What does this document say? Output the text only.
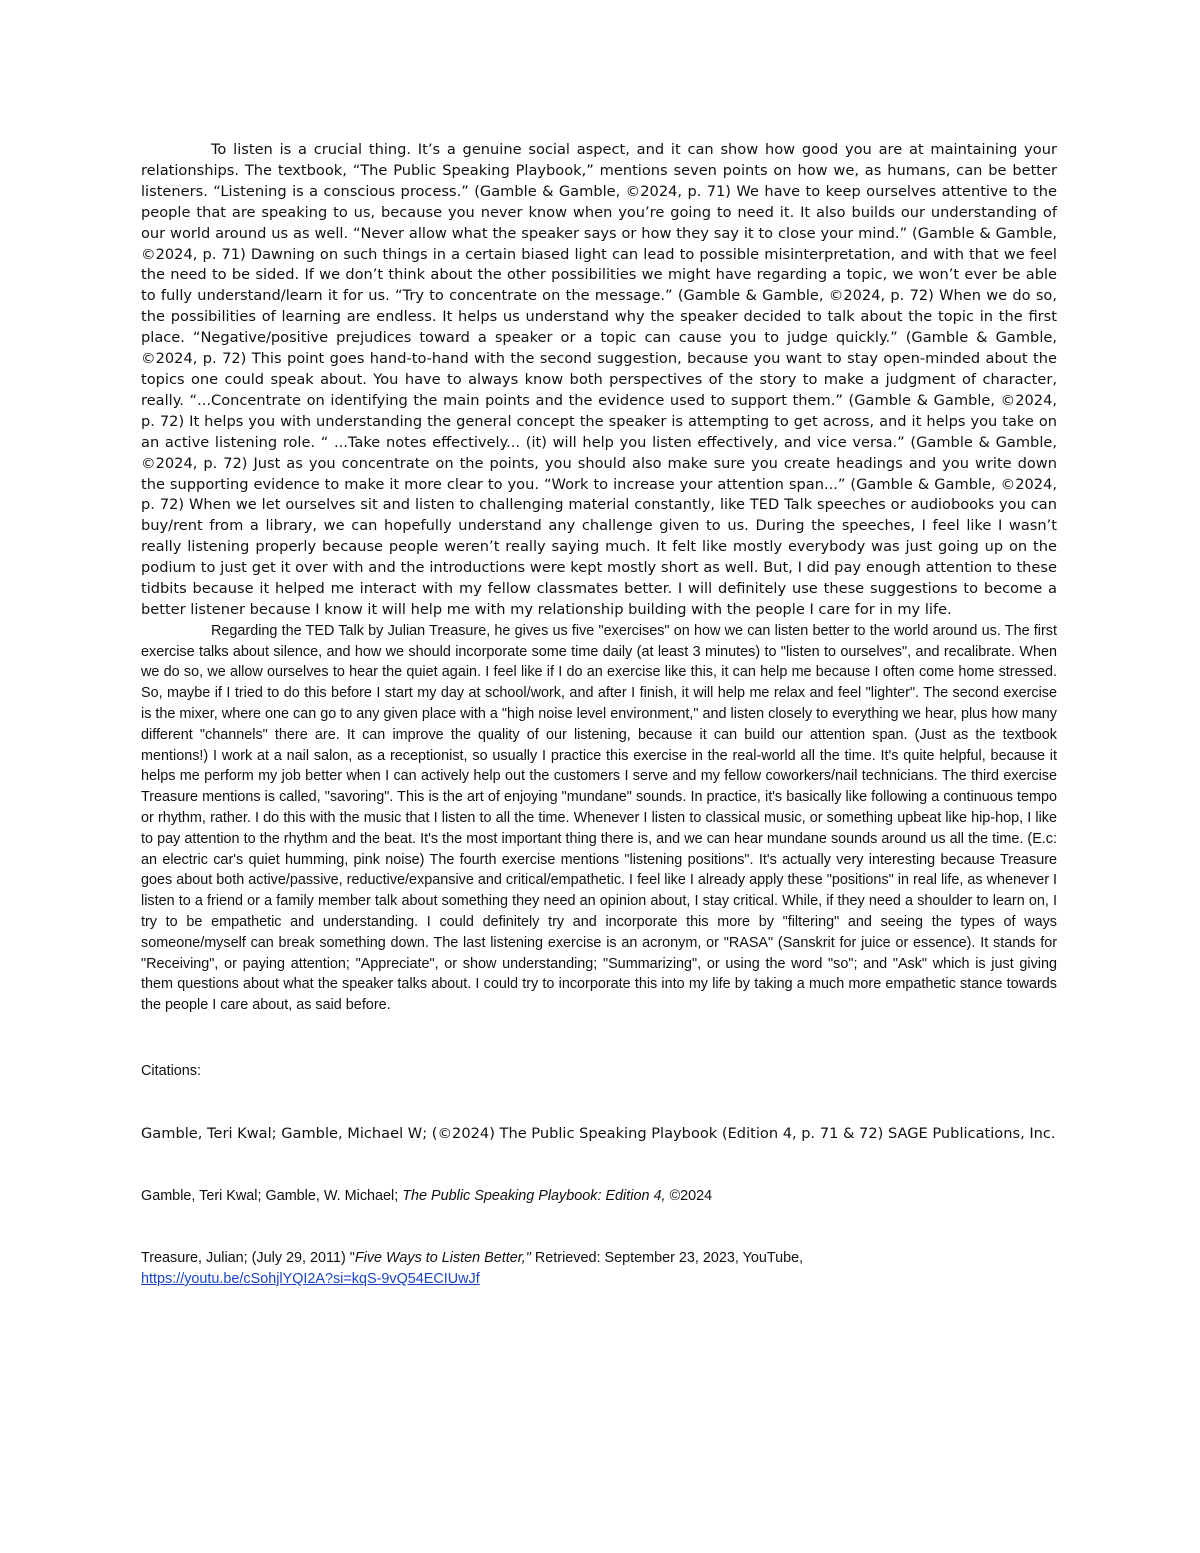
To listen is a crucial thing. It’s a genuine social aspect, and it can show how good you are at maintaining your relationships. The textbook, “The Public Speaking Playbook,” mentions seven points on how we, as humans, can be better listeners. “Listening is a conscious process.” (Gamble & Gamble, ©2024, p. 71) We have to keep ourselves attentive to the people that are speaking to us, because you never know when you’re going to need it. It also builds our understanding of our world around us as well. “Never allow what the speaker says or how they say it to close your mind.” (Gamble & Gamble, ©2024, p. 71) Dawning on such things in a certain biased light can lead to possible misinterpretation, and with that we feel the need to be sided. If we don’t think about the other possibilities we might have regarding a topic, we won’t ever be able to fully understand/learn it for us. “Try to concentrate on the message.” (Gamble & Gamble, ©2024, p. 72) When we do so, the possibilities of learning are endless. It helps us understand why the speaker decided to talk about the topic in the first place. “Negative/positive prejudices toward a speaker or a topic can cause you to judge quickly.” (Gamble & Gamble, ©2024, p. 72) This point goes hand-to-hand with the second suggestion, because you want to stay open-minded about the topics one could speak about. You have to always know both perspectives of the story to make a judgment of character, really. “...Concentrate on identifying the main points and the evidence used to support them.” (Gamble & Gamble, ©2024, p. 72) It helps you with understanding the general concept the speaker is attempting to get across, and it helps you take on an active listening role. “ ...Take notes effectively... (it) will help you listen effectively, and vice versa.” (Gamble & Gamble, ©2024, p. 72) Just as you concentrate on the points, you should also make sure you create headings and you write down the supporting evidence to make it more clear to you. “Work to increase your attention span...” (Gamble & Gamble, ©2024, p. 72) When we let ourselves sit and listen to challenging material constantly, like TED Talk speeches or audiobooks you can buy/rent from a library, we can hopefully understand any challenge given to us. During the speeches, I feel like I wasn’t really listening properly because people weren’t really saying much. It felt like mostly everybody was just going up on the podium to just get it over with and the introductions were kept mostly short as well. But, I did pay enough attention to these tidbits because it helped me interact with my fellow classmates better. I will definitely use these suggestions to become a better listener because I know it will help me with my relationship building with the people I care for in my life.

Regarding the TED Talk by Julian Treasure, he gives us five "exercises" on how we can listen better to the world around us. The first exercise talks about silence, and how we should incorporate some time daily (at least 3 minutes) to "listen to ourselves", and recalibrate. When we do so, we allow ourselves to hear the quiet again. I feel like if I do an exercise like this, it can help me because I often come home stressed. So, maybe if I tried to do this before I start my day at school/work, and after I finish, it will help me relax and feel "lighter". The second exercise is the mixer, where one can go to any given place with a "high noise level environment," and listen closely to everything we hear, plus how many different "channels" there are. It can improve the quality of our listening, because it can build our attention span. (Just as the textbook mentions!) I work at a nail salon, as a receptionist, so usually I practice this exercise in the real-world all the time. It's quite helpful, because it helps me perform my job better when I can actively help out the customers I serve and my fellow coworkers/nail technicians. The third exercise Treasure mentions is called, "savoring". This is the art of enjoying "mundane" sounds. In practice, it's basically like following a continuous tempo or rhythm, rather. I do this with the music that I listen to all the time. Whenever I listen to classical music, or something upbeat like hip-hop, I like to pay attention to the rhythm and the beat. It's the most important thing there is, and we can hear mundane sounds around us all the time. (E.c: an electric car's quiet humming, pink noise) The fourth exercise mentions "listening positions". It's actually very interesting because Treasure goes about both active/passive, reductive/expansive and critical/empathetic. I feel like I already apply these "positions" in real life, as whenever I listen to a friend or a family member talk about something they need an opinion about, I stay critical. While, if they need a shoulder to learn on, I try to be empathetic and understanding. I could definitely try and incorporate this more by "filtering" and seeing the types of ways someone/myself can break something down. The last listening exercise is an acronym, or "RASA" (Sanskrit for juice or essence). It stands for "Receiving", or paying attention; "Appreciate", or show understanding; "Summarizing", or using the word "so"; and "Ask" which is just giving them questions about what the speaker talks about. I could try to incorporate this into my life by taking a much more empathetic stance towards the people I care about, as said before.

Citations:

Gamble, Teri Kwal; Gamble, Michael W; (©2024) The Public Speaking Playbook (Edition 4, p. 71 & 72) SAGE Publications, Inc.

Gamble, Teri Kwal; Gamble, W. Michael; The Public Speaking Playbook: Edition 4, ©2024

Treasure, Julian; (July 29, 2011) "Five Ways to Listen Better," Retrieved: September 23, 2023, YouTube,
https://youtu.be/cSohjlYQI2A?si=kqS-9vQ54ECIUwJf
